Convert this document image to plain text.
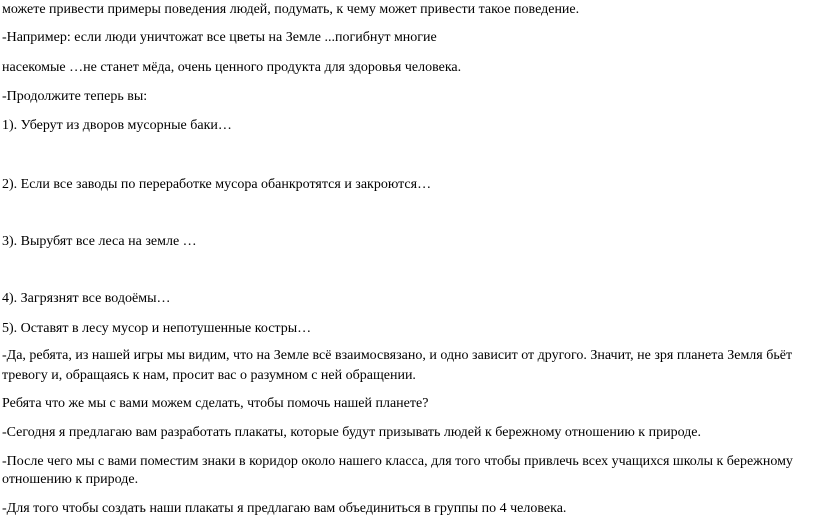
можете привести примеры поведения людей, подумать, к чему может привести такое поведение.
-Например: если люди уничтожат все цветы на Земле ...погибнут многие
насекомые …не станет мёда, очень ценного продукта для здоровья человека.
-Продолжите теперь вы:
1). Уберут из дворов мусорные баки…
2). Если все заводы по переработке мусора обанкротятся и закроются…
3). Вырубят все леса на земле …
4). Загрязнят все водоёмы…
5). Оставят в лесу мусор и непотушенные костры…
-Да, ребята, из нашей игры мы видим, что на Земле всё взаимосвязано, и одно зависит от другого. Значит, не зря планета Земля бьёт
тревогу и, обращаясь к нам, просит вас о разумном с ней обращении.
Ребята что же мы с вами можем сделать, чтобы помочь нашей планете?
-Сегодня я предлагаю вам разработать плакаты, которые будут призывать людей к бережному отношению к природе.
-После чего мы с вами поместим знаки в коридор около нашего класса, для того чтобы привлечь всех учащихся школы к бережному
отношению к природе.
-Для того чтобы создать наши плакаты я предлагаю вам объединиться в группы по 4 человека.
